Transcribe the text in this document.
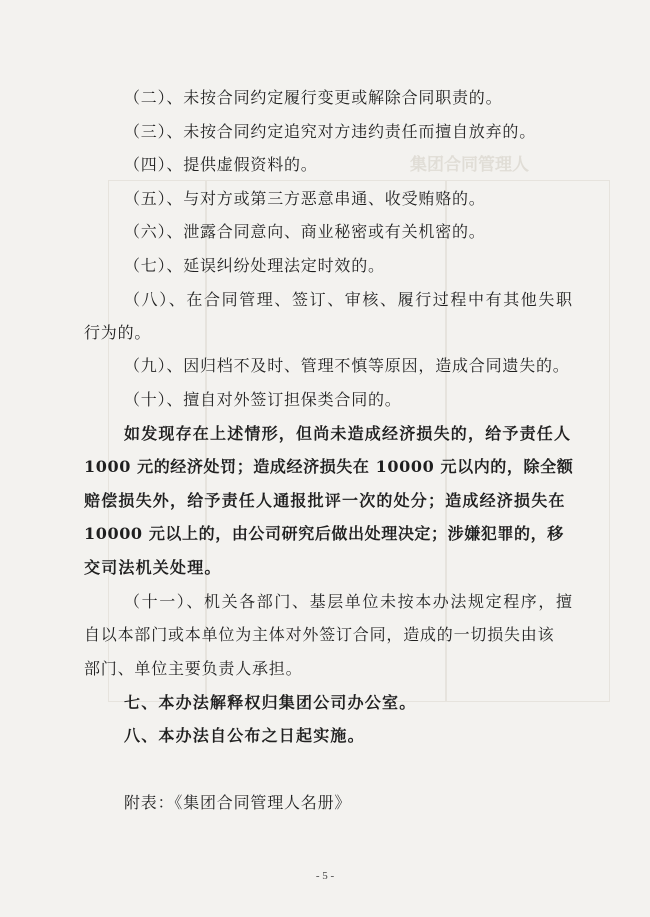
集团合同管理人
（二）、未按合同约定履行变更或解除合同职责的。
（三）、未按合同约定追究对方违约责任而擅自放弃的。
（四）、提供虚假资料的。
（五）、与对方或第三方恶意串通、收受贿赂的。
（六）、泄露合同意向、商业秘密或有关机密的。
（七）、延误纠纷处理法定时效的。
（八）、在合同管理、签订、审核、履行过程中有其他失职
行为的。
（九）、因归档不及时、管理不慎等原因，造成合同遗失的。
（十）、擅自对外签订担保类合同的。
如发现存在上述情形，但尚未造成经济损失的，给予责任人
1000 元的经济处罚；造成经济损失在 10000 元以内的，除全额
赔偿损失外，给予责任人通报批评一次的处分；造成经济损失在
10000 元以上的，由公司研究后做出处理决定；涉嫌犯罪的，移
交司法机关处理。
（十一）、机关各部门、基层单位未按本办法规定程序，擅
自以本部门或本单位为主体对外签订合同，造成的一切损失由该
部门、单位主要负责人承担。
七、本办法解释权归集团公司办公室。
八、本办法自公布之日起实施。
附表：《集团合同管理人名册》
- 5 -
